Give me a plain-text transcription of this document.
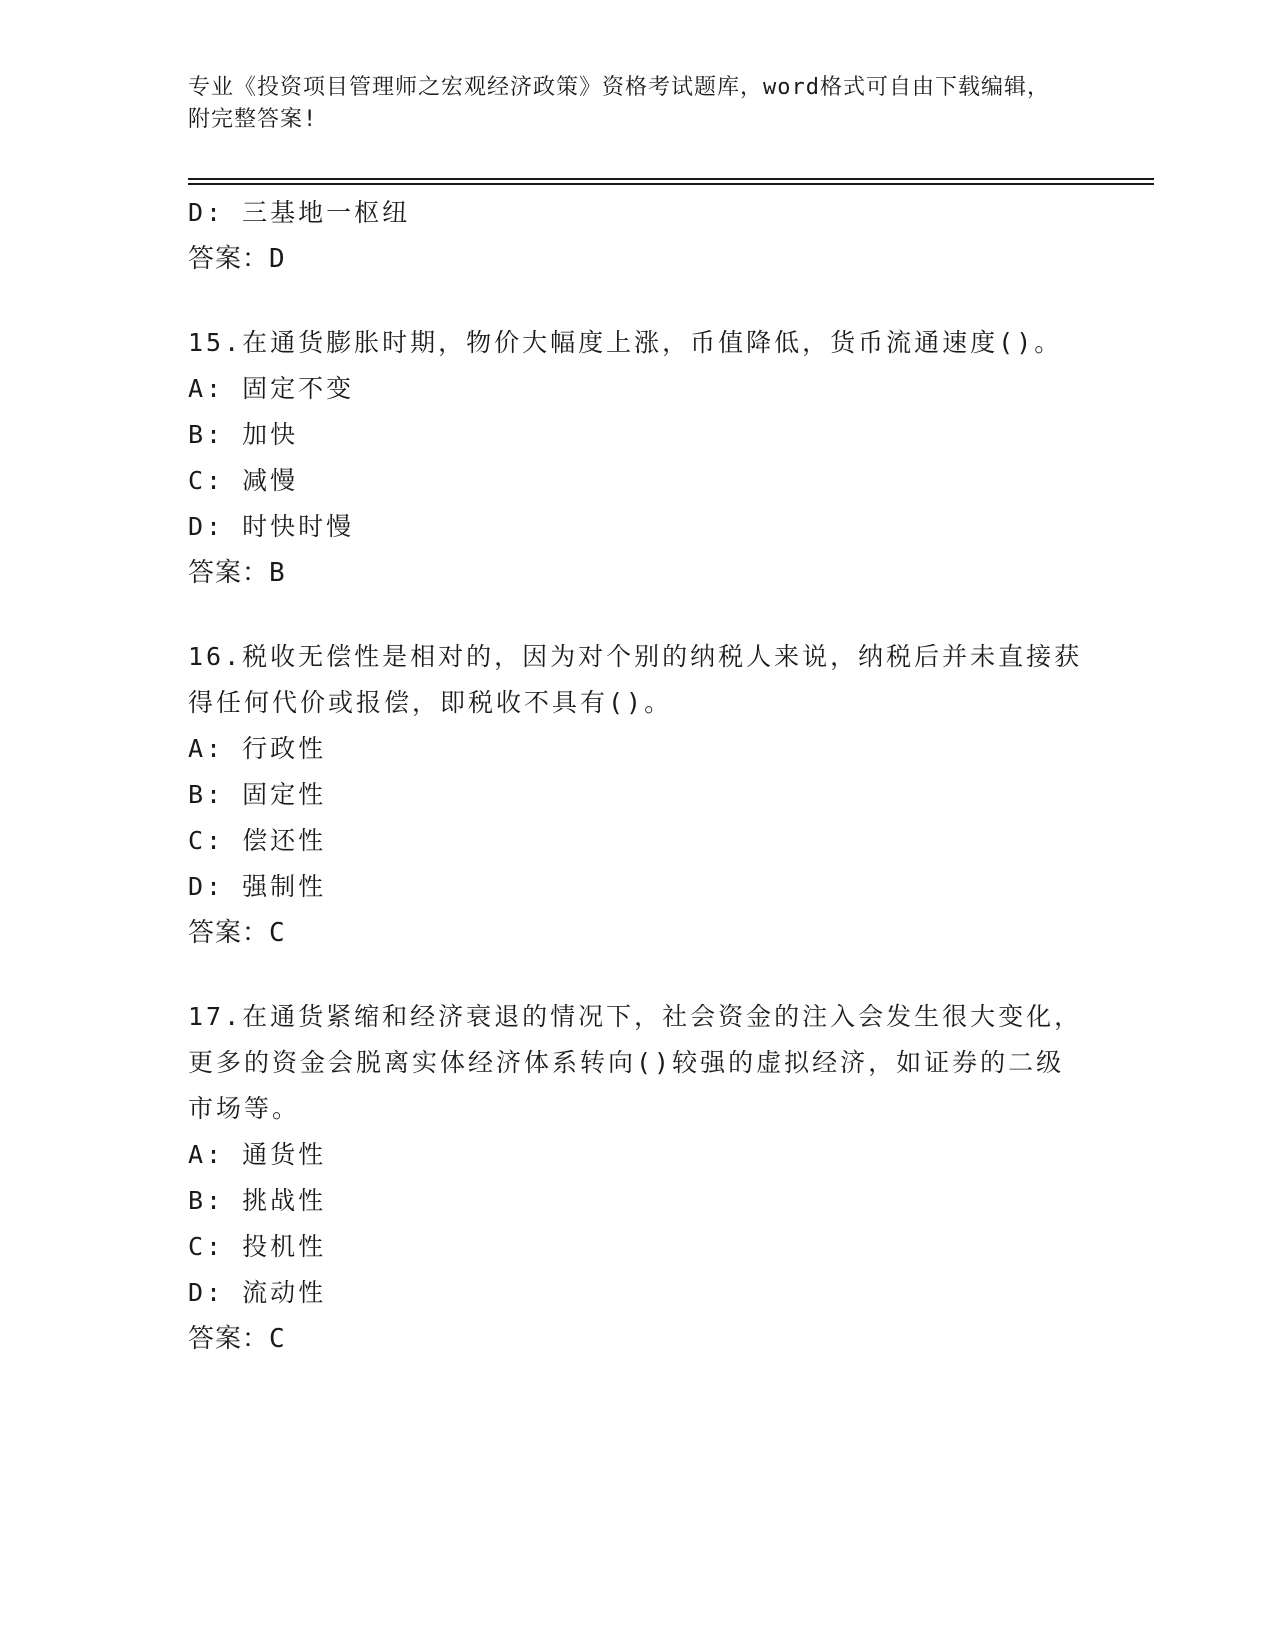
专业《投资项目管理师之宏观经济政策》资格考试题库，word格式可自由下载编辑，附完整答案!
D: 三基地一枢纽
答案：D
15.在通货膨胀时期，物价大幅度上涨，币值降低，货币流通速度()。
A: 固定不变
B: 加快
C: 减慢
D: 时快时慢
答案：B
16.税收无偿性是相对的，因为对个别的纳税人来说，纳税后并未直接获得任何代价或报偿，即税收不具有()。
A: 行政性
B: 固定性
C: 偿还性
D: 强制性
答案：C
17.在通货紧缩和经济衰退的情况下，社会资金的注入会发生很大变化，更多的资金会脱离实体经济体系转向()较强的虚拟经济，如证券的二级市场等。
A: 通货性
B: 挑战性
C: 投机性
D: 流动性
答案：C
